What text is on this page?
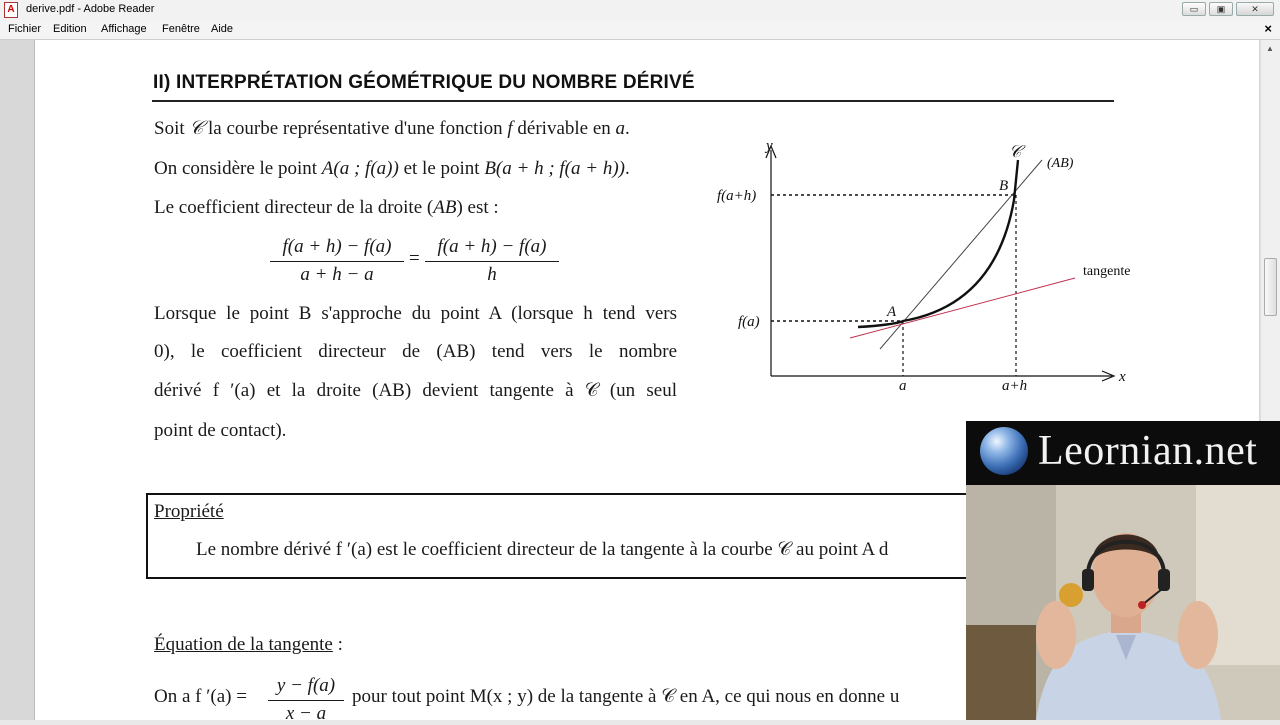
A	derive.pdf - Adobe Reader	▭	▣	✕
Fichier Edition Affichage Fenêtre Aide	×
▲
II) INTERPRÉTATION GÉOMÉTRIQUE DU NOMBRE DÉRIVÉ
Soit 𝒞 la courbe représentative d'une fonction f dérivable en a.
On considère le point A(a ; f(a)) et le point B(a + h ; f(a + h)).
Le coefficient directeur de la droite (AB) est :
f(a + h) − f(a)
a + h − a
=
f(a + h) − f(a)
h
Lorsque le point B s'approche du point A (lorsque h tend vers
0), le coefficient directeur de (AB) tend vers le nombre
dérivé f ′(a) et la droite (AB) devient tangente à 𝒞 (un seul
point de contact).
y
x
𝒞
(AB)
B
A
tangente
f(a+h)
f(a)
a	a+h
Propriété
Le nombre dérivé f ′(a) est le coefficient directeur de la tangente à la courbe 𝒞 au point A d
Équation de la tangente :
On a f ′(a) =
y − f(a)
x − a
pour tout point M(x ; y) de la tangente à 𝒞 en A, ce qui nous en donne u
Leornian.net
